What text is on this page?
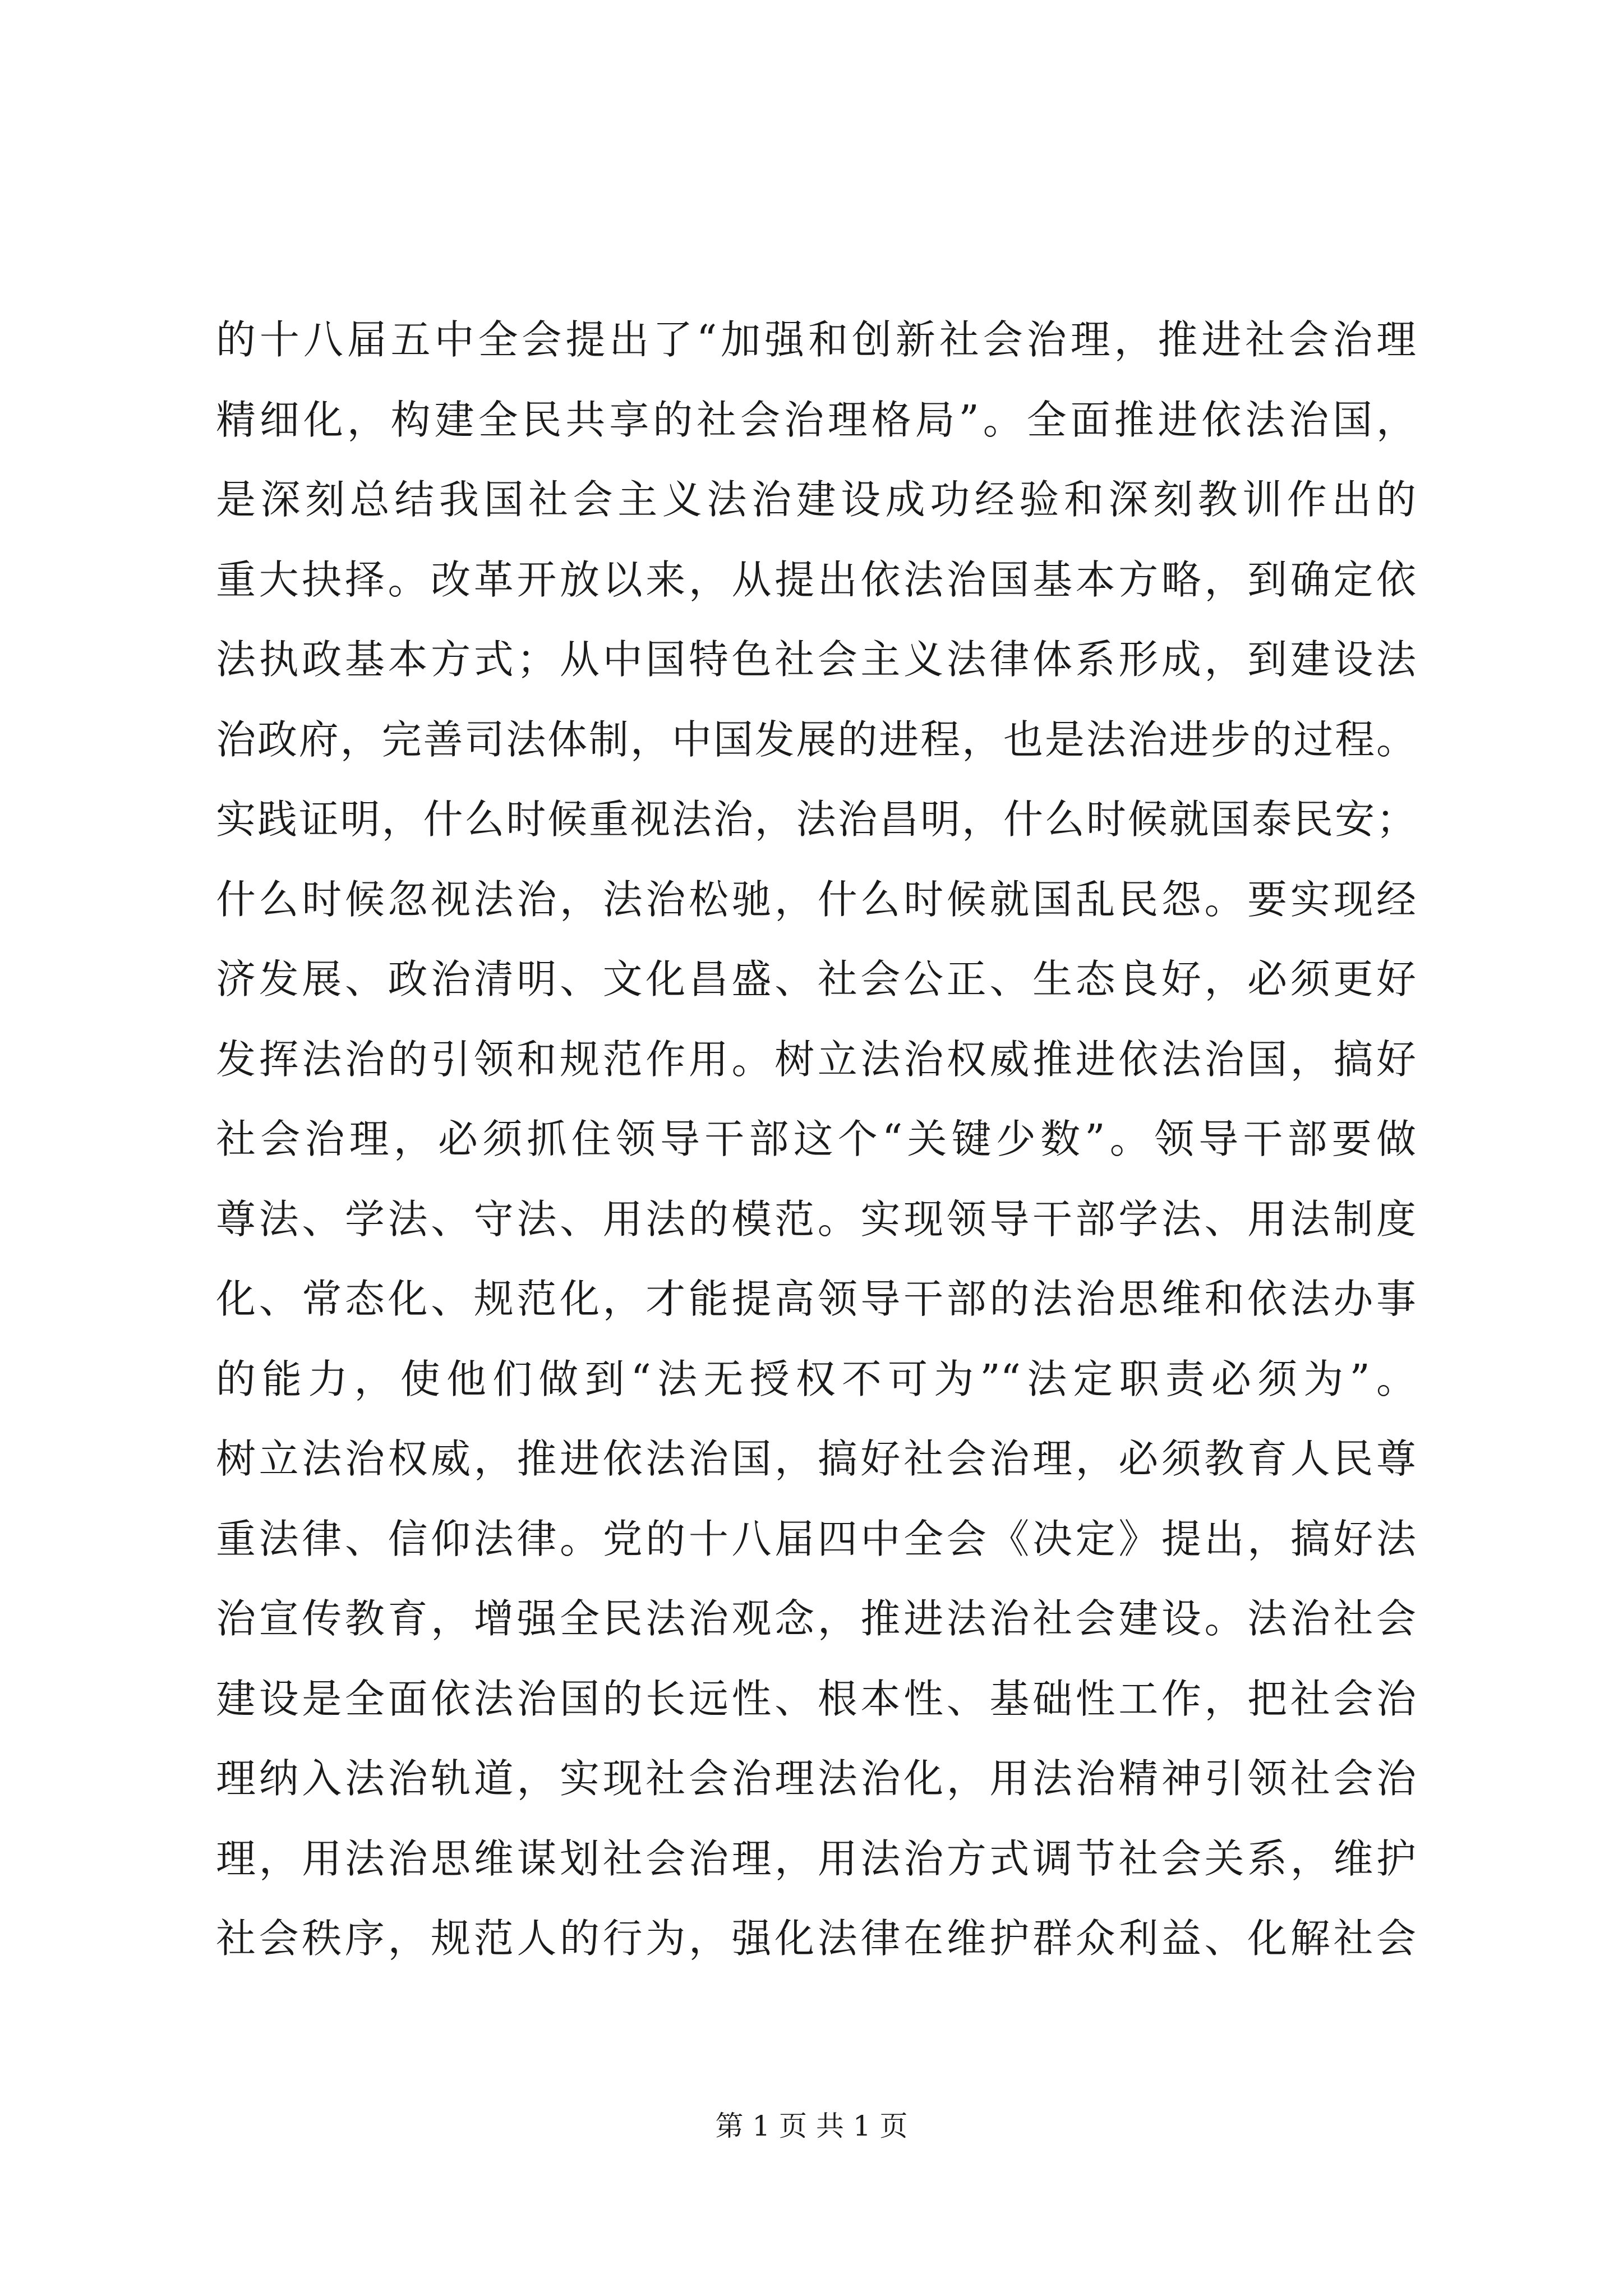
的十八届五中全会提出了“加强和创新社会治理，推进社会治理
精细化，构建全民共享的社会治理格局”。全面推进依法治国，
是深刻总结我国社会主义法治建设成功经验和深刻教训作出的
重大抉择。改革开放以来，从提出依法治国基本方略，到确定依
法执政基本方式；从中国特色社会主义法律体系形成，到建设法
治政府，完善司法体制，中国发展的进程，也是法治进步的过程。
实践证明，什么时候重视法治，法治昌明，什么时候就国泰民安；
什么时候忽视法治，法治松驰，什么时候就国乱民怨。要实现经
济发展、政治清明、文化昌盛、社会公正、生态良好，必须更好
发挥法治的引领和规范作用。树立法治权威推进依法治国，搞好
社会治理，必须抓住领导干部这个“关键少数”。领导干部要做
尊法、学法、守法、用法的模范。实现领导干部学法、用法制度
化、常态化、规范化，才能提高领导干部的法治思维和依法办事
的能力，使他们做到“法无授权不可为”“法定职责必须为”。
树立法治权威，推进依法治国，搞好社会治理，必须教育人民尊
重法律、信仰法律。党的十八届四中全会《决定》提出，搞好法
治宣传教育，增强全民法治观念，推进法治社会建设。法治社会
建设是全面依法治国的长远性、根本性、基础性工作，把社会治
理纳入法治轨道，实现社会治理法治化，用法治精神引领社会治
理，用法治思维谋划社会治理，用法治方式调节社会关系，维护
社会秩序，规范人的行为，强化法律在维护群众利益、化解社会
第 1 页 共 1 页
